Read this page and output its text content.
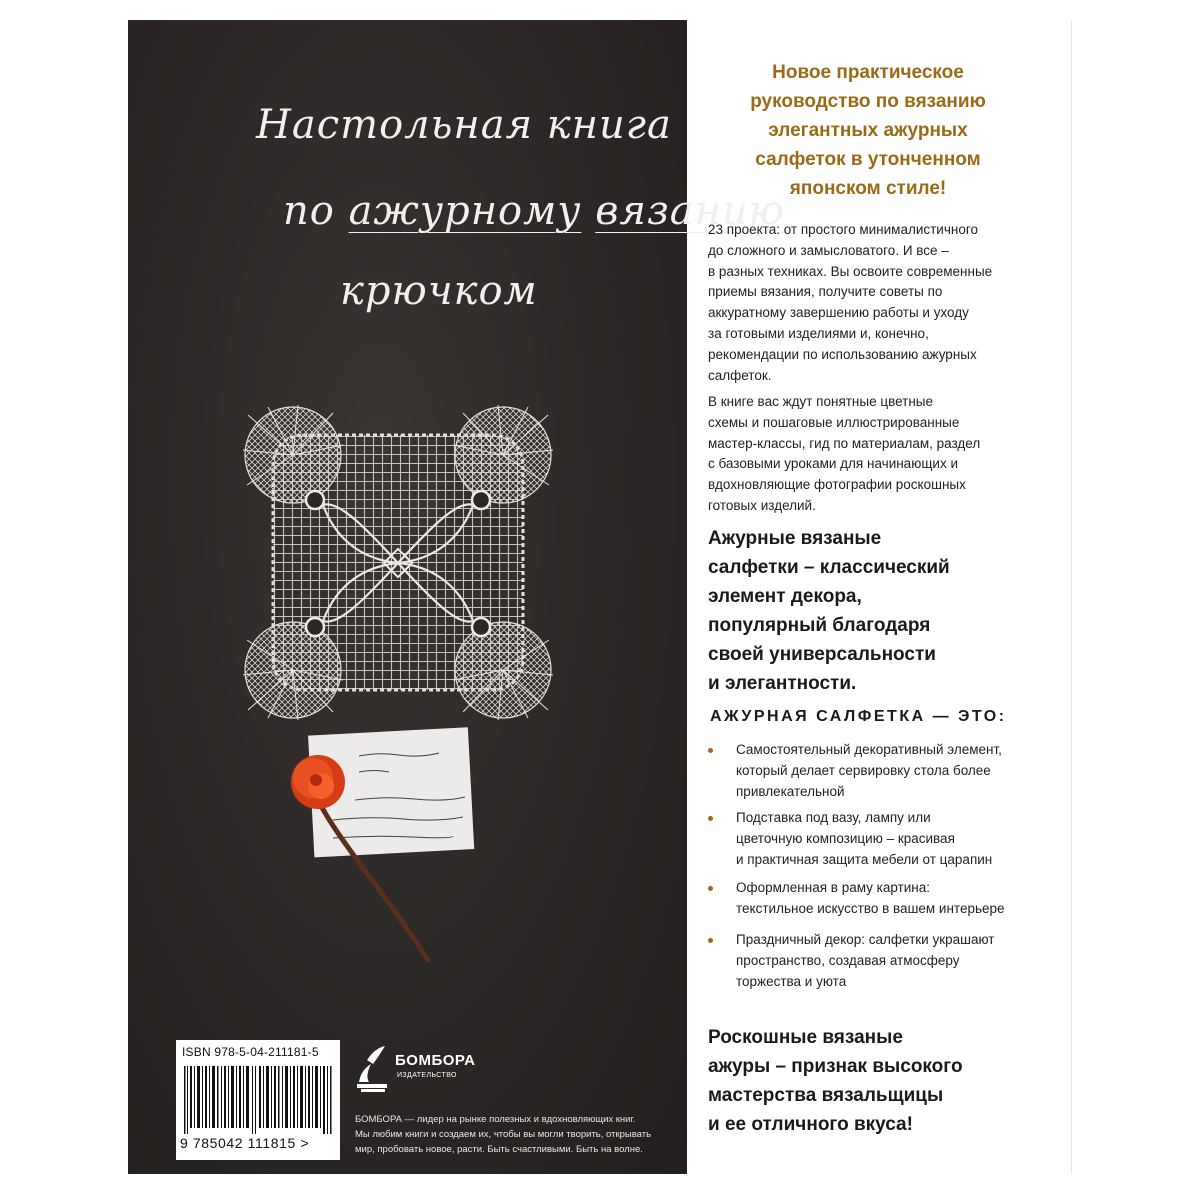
Настольная книга
по ажурному вязанию
крючком
ISBN 978-5-04-211181-5
9 785042 111815 >
БОМБОРА
ИЗДАТЕЛЬСТВО
БОМБОРА — лидер на рынке полезных и вдохновляющих книг.
Мы любим книги и создаем их, чтобы вы могли творить, открывать
мир, пробовать новое, расти. Быть счастливыми. Быть на волне.
Новое практическое
руководство по вязанию
элегантных ажурных
салфеток в утонченном
японском стиле!
23 проекта: от простого минималистичного
до сложного и замысловатого. И все –
в разных техниках. Вы освоите современные
приемы вязания, получите советы по
аккуратному завершению работы и уходу
за готовыми изделиями и, конечно,
рекомендации по использованию ажурных
салфеток.
В книге вас ждут понятные цветные
схемы и пошаговые иллюстрированные
мастер-классы, гид по материалам, раздел
с базовыми уроками для начинающих и
вдохновляющие фотографии роскошных
готовых изделий.
Ажурные вязаные
салфетки – классический
элемент декора,
популярный благодаря
своей универсальности
и элегантности.
АЖУРНАЯ САЛФЕТКА — ЭТО:
Самостоятельный декоративный элемент,
который делает сервировку стола более
привлекательной
Подставка под вазу, лампу или
цветочную композицию – красивая
и практичная защита мебели от царапин
Оформленная в раму картина:
текстильное искусство в вашем интерьере
Праздничный декор: салфетки украшают
пространство, создавая атмосферу
торжества и уюта
Роскошные вязаные
ажуры – признак высокого
мастерства вязальщицы
и ее отличного вкуса!
